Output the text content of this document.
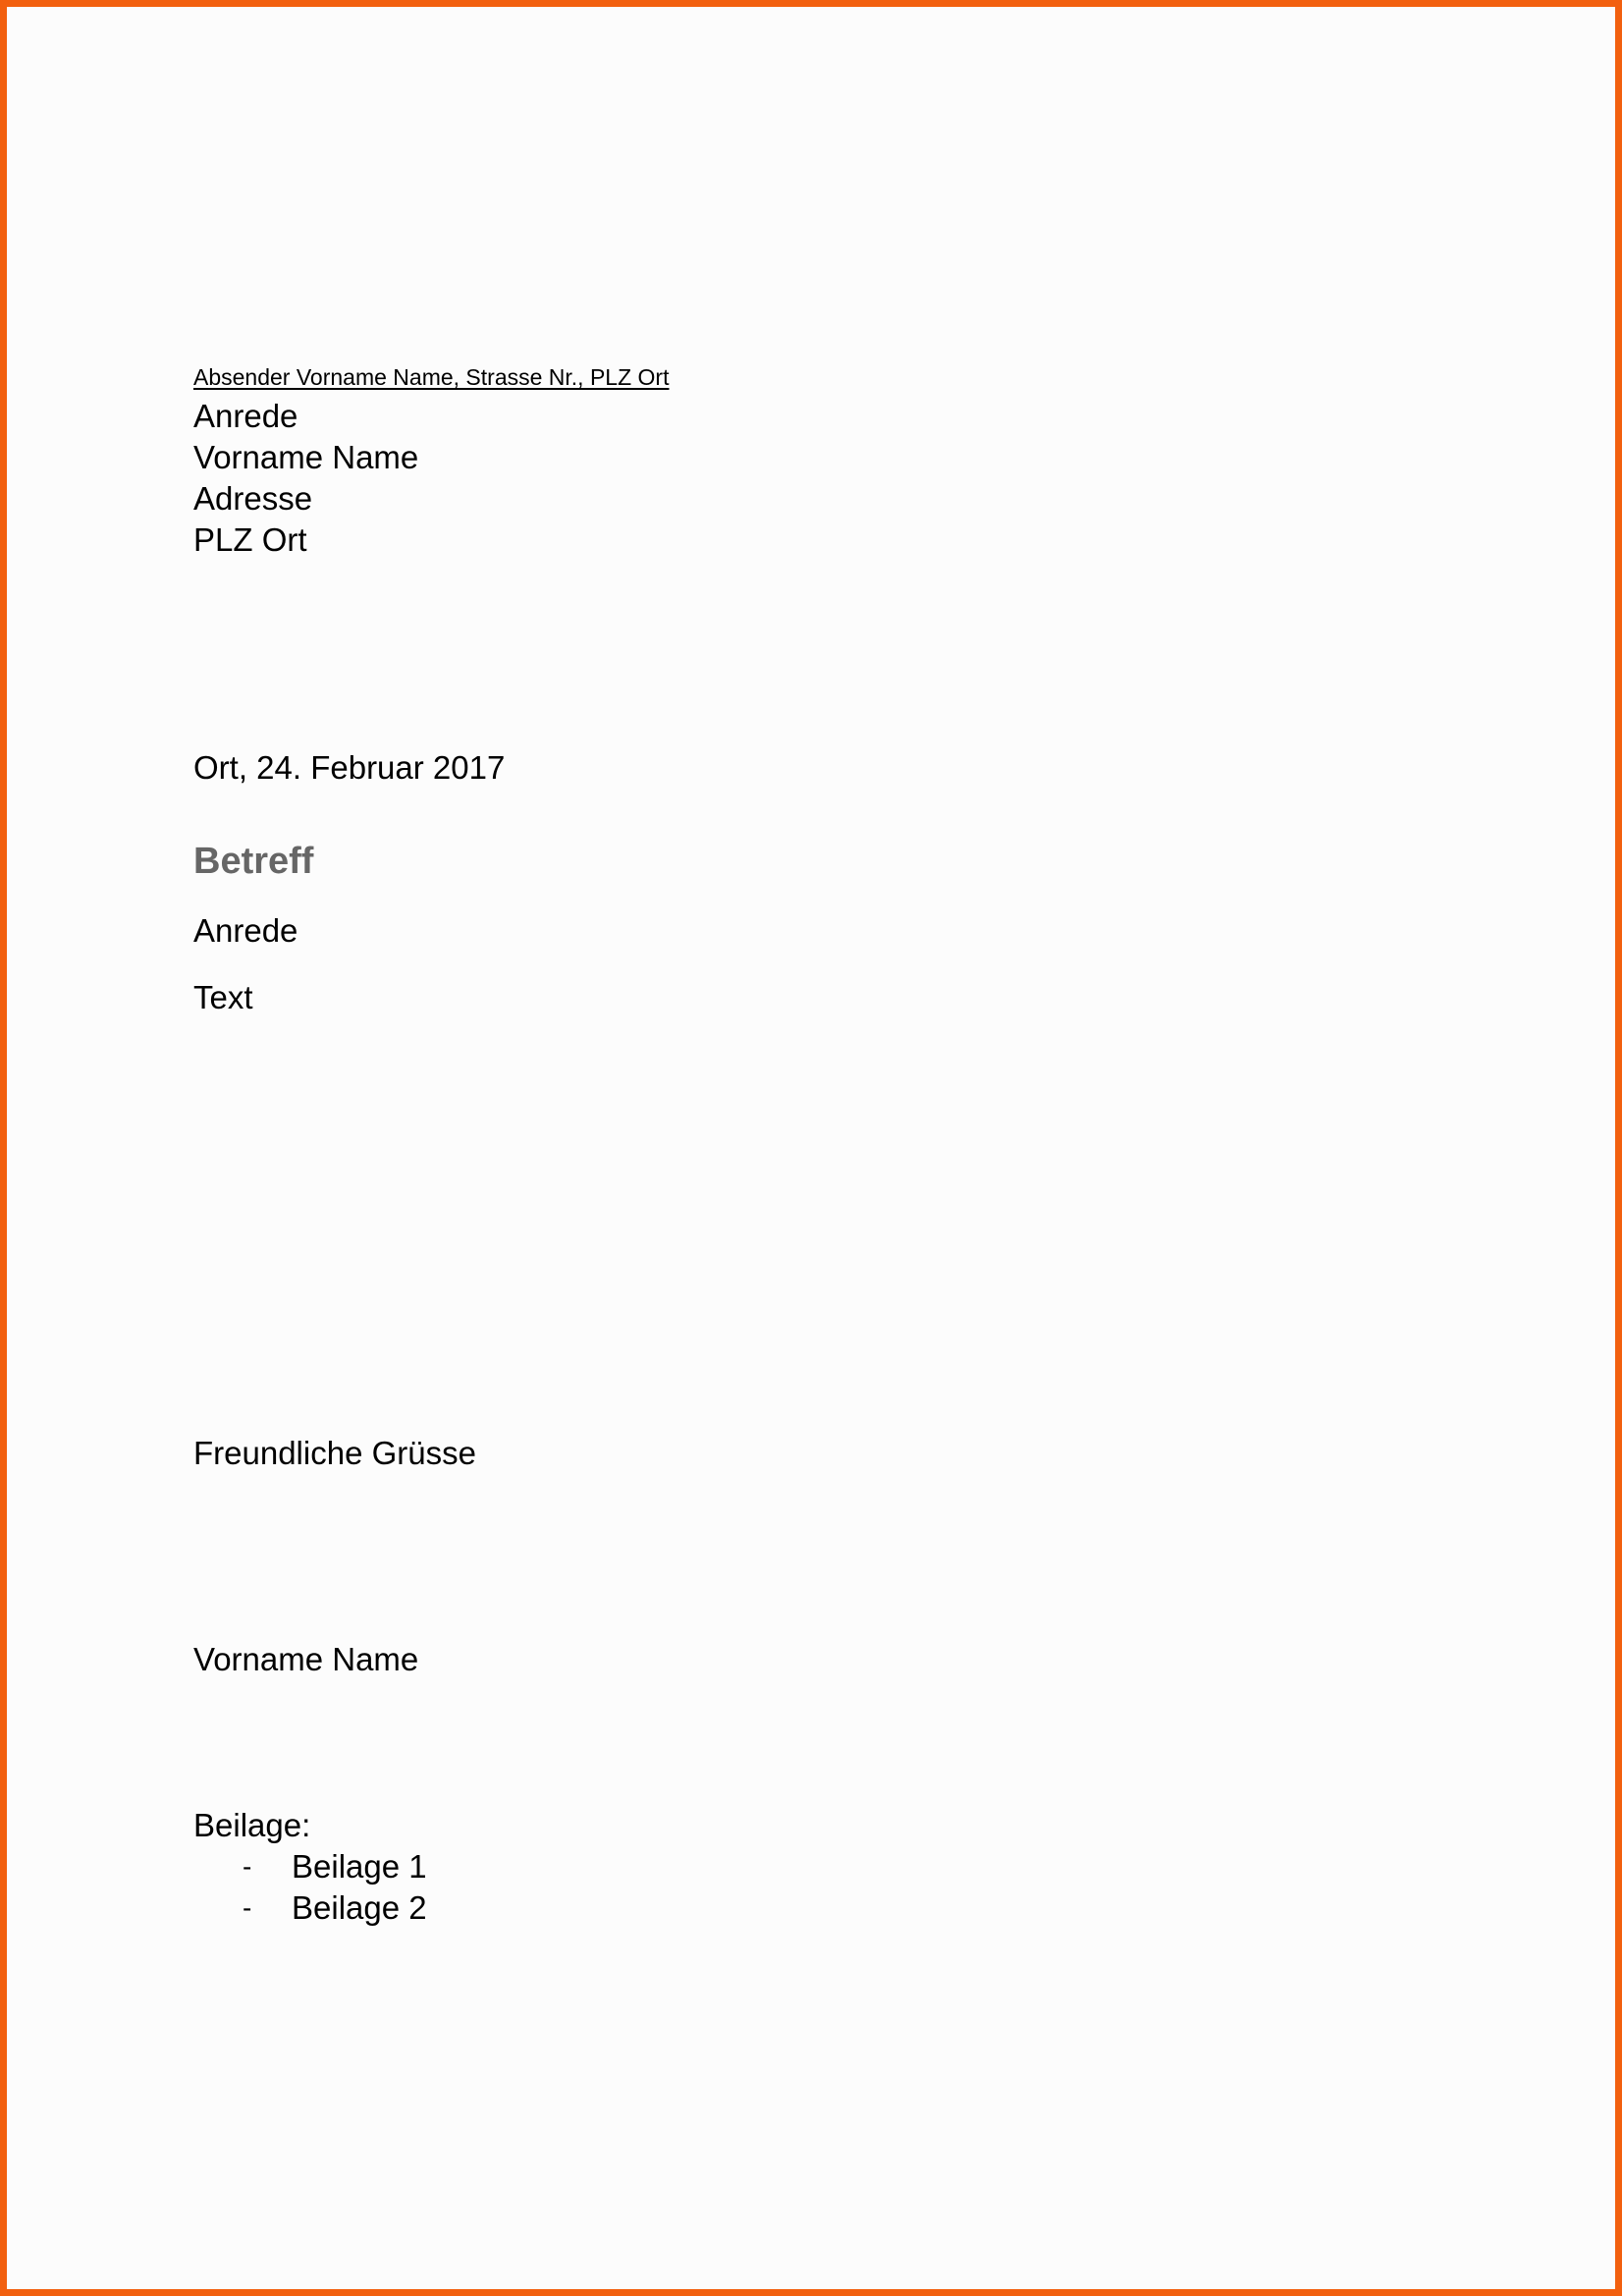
Absender Vorname Name, Strasse Nr., PLZ Ort

Anrede
Vorname Name
Adresse
PLZ Ort

Ort, 24. Februar 2017

Betreff

Anrede

Text

Freundliche Grüsse

Vorname Name

Beilage:
- Beilage 1
- Beilage 2
